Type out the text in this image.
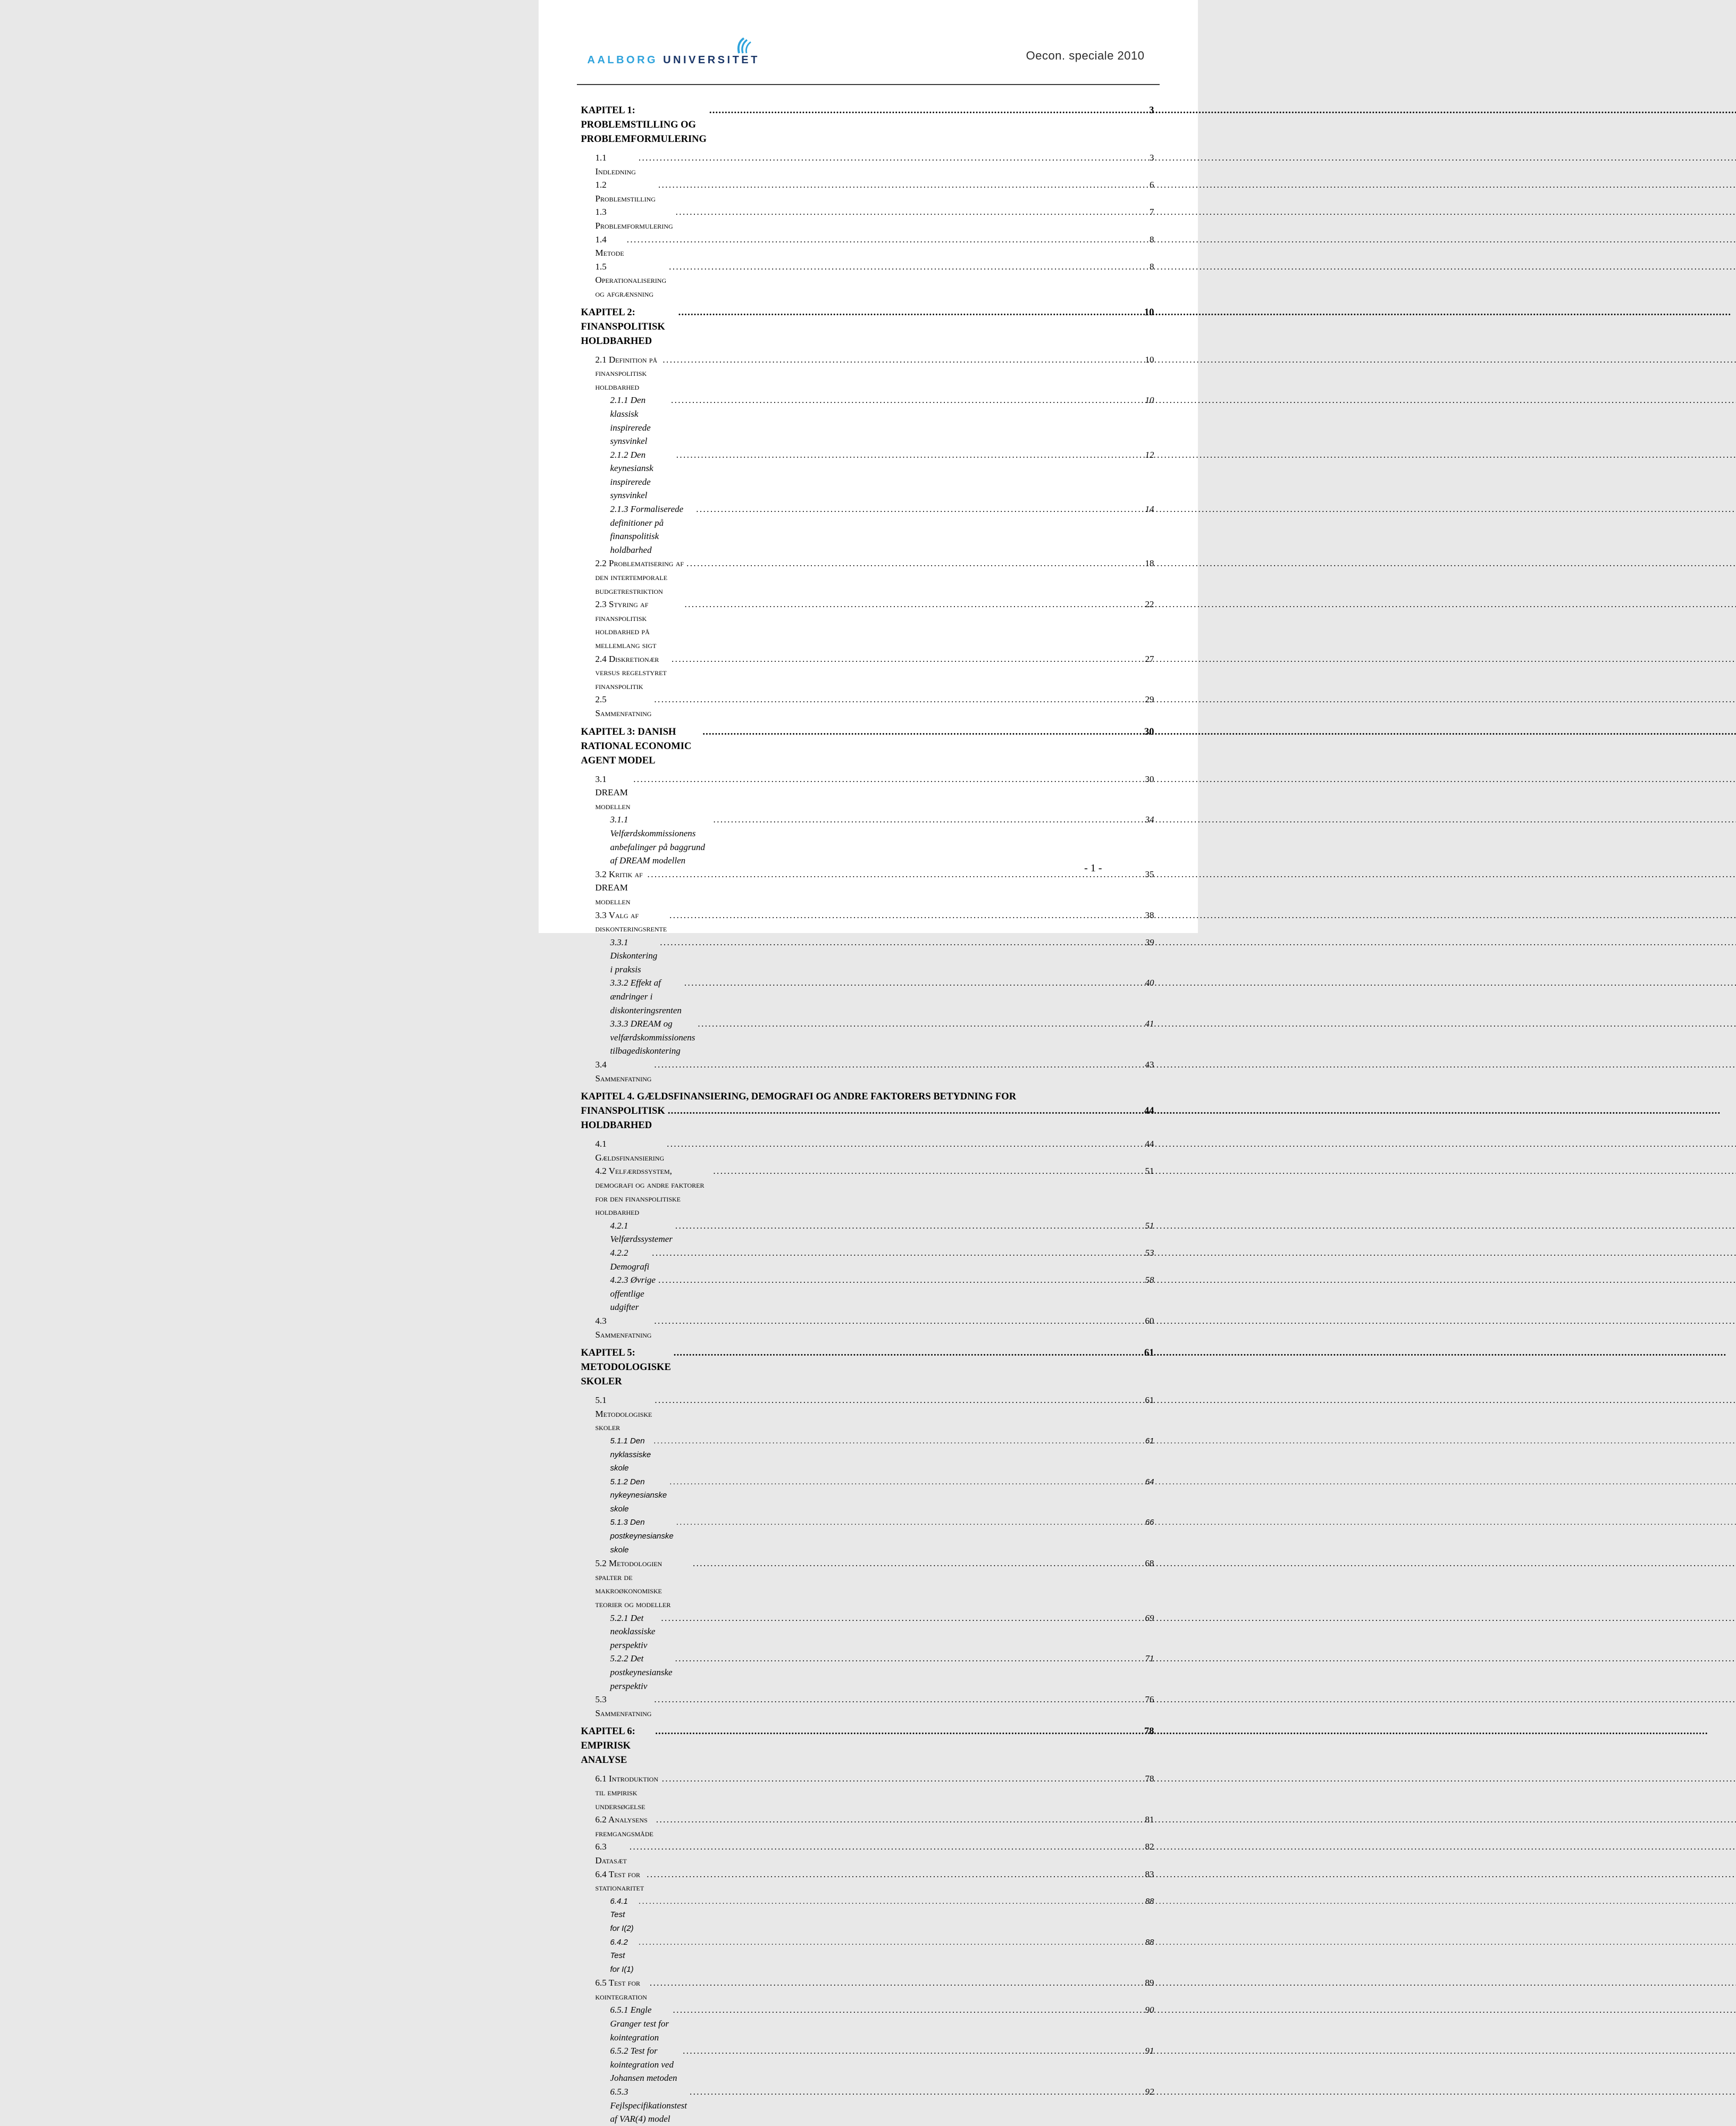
AALBORG UNIVERSITET	Oecon. speciale 2010
KAPITEL 1: PROBLEMSTILLING OG PROBLEMFORMULERING
.....
3
1.1 Indledning
.....
3
1.2 Problemstilling
.....
6
1.3 Problemformulering
.....
7
1.4 Metode
.....
8
1.5 Operationalisering og afgrænsning
.....
8
KAPITEL 2: FINANSPOLITISK HOLDBARHED
.....
10
2.1 Definition på finanspolitisk holdbarhed
.....
10
2.1.1 Den klassisk inspirerede synsvinkel
.....
10
2.1.2 Den keynesiansk inspirerede synsvinkel
.....
12
2.1.3 Formaliserede definitioner på finanspolitisk holdbarhed
.....
14
2.2 Problematisering af den intertemporale budgetrestriktion
.....
18
2.3 Styring af finanspolitisk holdbarhed på mellemlang sigt
.....
22
2.4 Diskretionær versus regelstyret finanspolitik
.....
27
2.5 Sammenfatning
.....
29
KAPITEL 3: DANISH RATIONAL ECONOMIC AGENT MODEL
.....
30
3.1 DREAM modellen
.....
30
3.1.1 Velfærdskommissionens anbefalinger på baggrund af DREAM modellen
.....
34
3.2 Kritik af DREAM modellen
.....
35
3.3 Valg af diskonteringsrente
.....
38
3.3.1 Diskontering i praksis
.....
39
3.3.2 Effekt af ændringer i diskonteringsrenten
.....
40
3.3.3 DREAM og velfærdskommissionens tilbagediskontering
.....
41
3.4 Sammenfatning
.....
43
KAPITEL 4. GÆLDSFINANSIERING, DEMOGRAFI OG ANDRE FAKTORERS BETYDNING FOR
FINANSPOLITISK HOLDBARHED
.....
44
4.1 Gældsfinansiering
.....
44
4.2 Velfærdssystem, demografi og andre faktorer for den finanspolitiske holdbarhed
.....
51
4.2.1 Velfærdssystemer
.....
51
4.2.2 Demografi
.....
53
4.2.3 Øvrige offentlige udgifter
.....
58
4.3 Sammenfatning
.....
60
KAPITEL 5: METODOLOGISKE SKOLER
.....
61
5.1 Metodologiske skoler
.....
61
5.1.1 Den nyklassiske skole
.....
61
5.1.2 Den nykeynesianske skole
.....
64
5.1.3 Den postkeynesianske skole
.....
66
5.2 Metodologien spalter de makroøkonomiske teorier og modeller
.....
68
5.2.1 Det neoklassiske perspektiv
.....
69
5.2.2 Det postkeynesianske perspektiv
.....
71
5.3 Sammenfatning
.....
76
KAPITEL 6: EMPIRISK ANALYSE
.....
78
6.1 Introduktion til empirisk undersøgelse
.....
78
6.2 Analysens fremgangsmåde
.....
81
6.3 Datasæt
.....
82
6.4 Test for stationaritet
.....
83
6.4.1 Test for I(2)
.....
88
6.4.2 Test for I(1)
.....
88
6.5 Test for kointegration
.....
89
6.5.1 Engle Granger test for kointegration
.....
90
6.5.2 Test for kointegration ved Johansen metoden
.....
91
6.5.3 Fejlspecifikationstest af VAR(4) model
.....
92
- 1 -
